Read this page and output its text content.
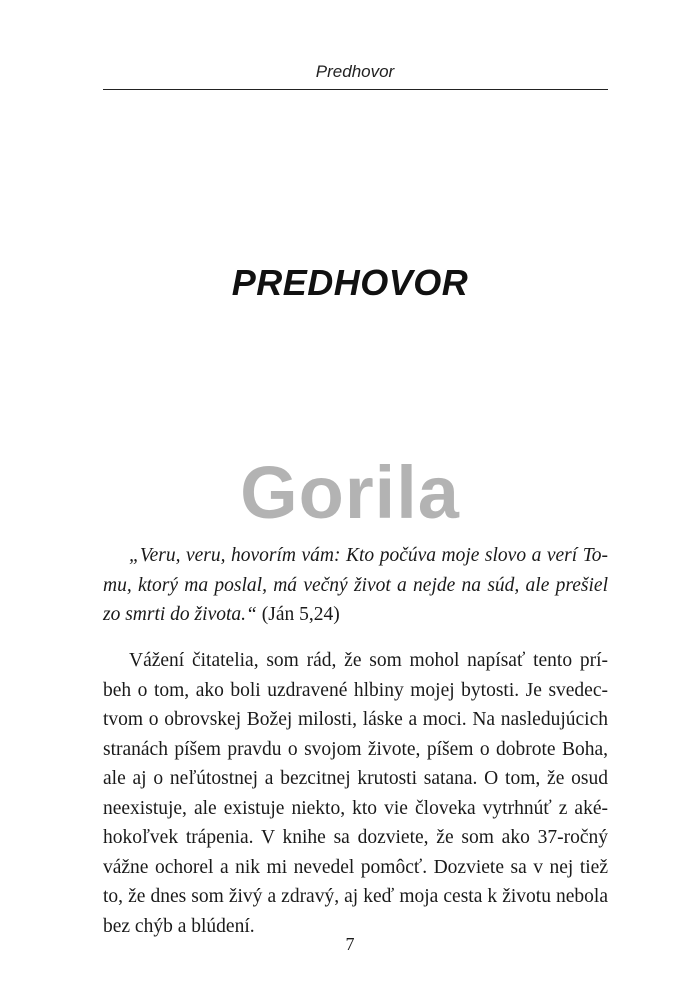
Predhovor
PREDHOVOR
Gorila
„Veru, veru, hovorím vám: Kto počúva moje slovo a verí To-
mu, ktorý ma poslal, má večný život a nejde na súd, ale prešiel
zo smrti do života.“ (Ján 5,24)
Vážení čitatelia, som rád, že som mohol napísať tento prí-
beh o tom, ako boli uzdravené hlbiny mojej bytosti. Je svedec-
tvom o obrovskej Božej milosti, láske a moci. Na nasledujúcich
stranách píšem pravdu o svojom živote, píšem o dobrote Boha,
ale aj o neľútostnej a bezcitnej krutosti satana. O tom, že osud
neexistuje, ale existuje niekto, kto vie človeka vytrhnúť z aké-
hokoľvek trápenia. V knihe sa dozviete, že som ako 37-ročný
vážne ochorel a nik mi nevedel pomôcť. Dozviete sa v nej tiež
to, že dnes som živý a zdravý, aj keď moja cesta k životu nebola
bez chýb a blúdení.
7
